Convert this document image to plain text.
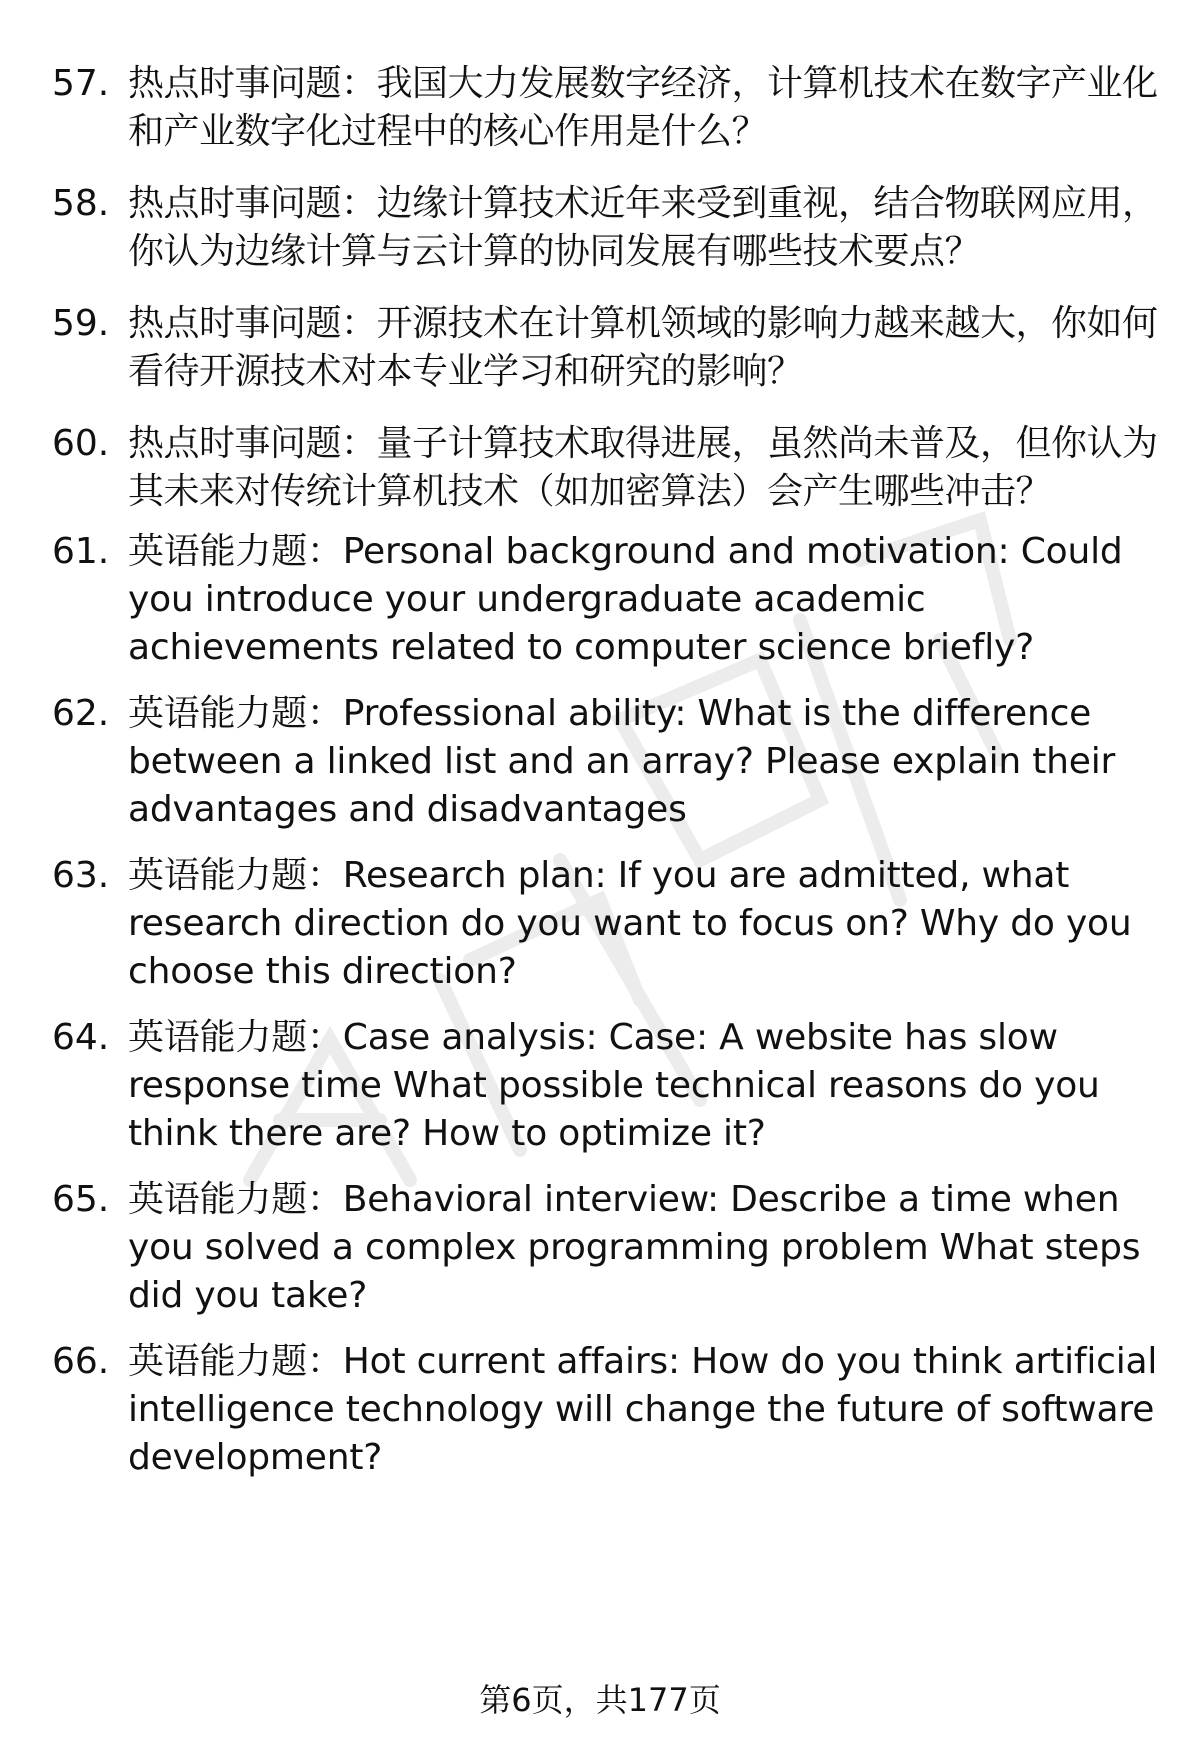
57. 热点时事问题：我国大力发展数字经济，计算机技术在数字产业化和产业数字化过程中的核心作用是什么？
58. 热点时事问题：边缘计算技术近年来受到重视，结合物联网应用，你认为边缘计算与云计算的协同发展有哪些技术要点？
59. 热点时事问题：开源技术在计算机领域的影响力越来越大，你如何看待开源技术对本专业学习和研究的影响？
60. 热点时事问题：量子计算技术取得进展，虽然尚未普及，但你认为其未来对传统计算机技术（如加密算法）会产生哪些冲击？
61. 英语能力题：Personal background and motivation: Could you introduce your undergraduate academic achievements related to computer science briefly?
62. 英语能力题：Professional ability: What is the difference between a linked list and an array? Please explain their advantages and disadvantages
63. 英语能力题：Research plan: If you are admitted, what research direction do you want to focus on? Why do you choose this direction?
64. 英语能力题：Case analysis: Case: A website has slow response time What possible technical reasons do you think there are? How to optimize it?
65. 英语能力题：Behavioral interview: Describe a time when you solved a complex programming problem What steps did you take?
66. 英语能力题：Hot current affairs: How do you think artificial intelligence technology will change the future of software development?
第6页，共177页
